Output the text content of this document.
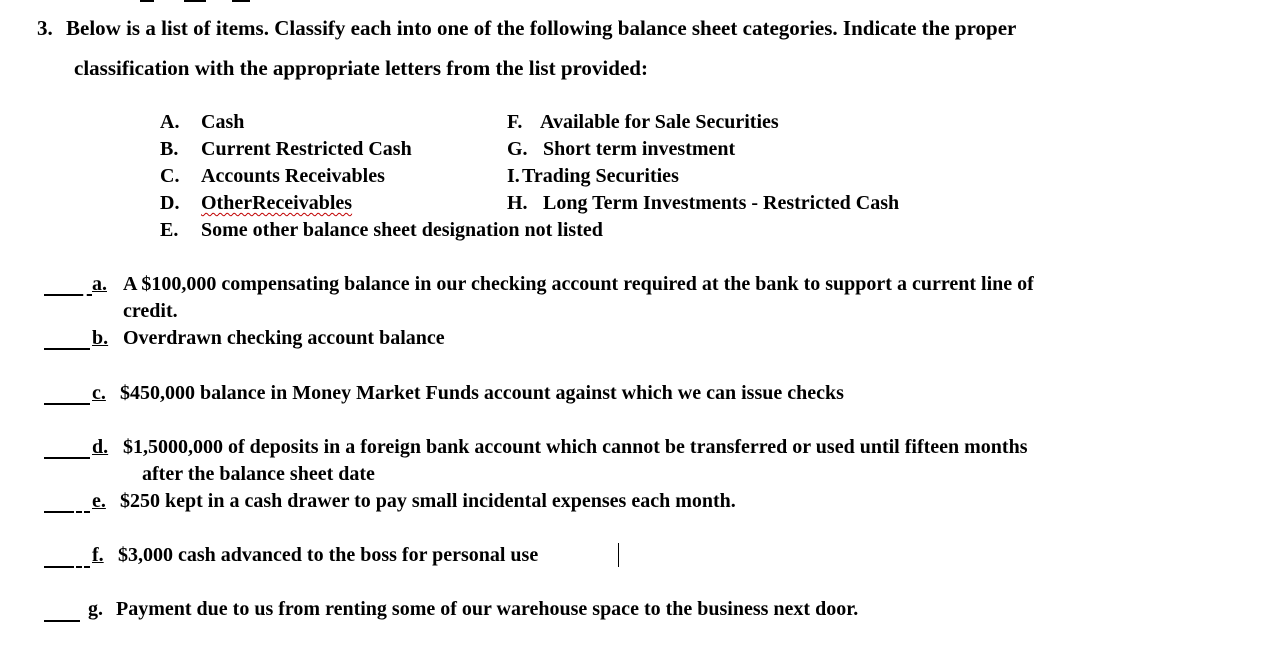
3. Below is a list of items. Classify each into one of the following balance sheet categories. Indicate the proper
classification with the appropriate letters from the list provided:
A. Cash
B. Current Restricted Cash
C. Accounts Receivables
D. OtherReceivables
E. Some other balance sheet designation not listed
F. Available for Sale Securities
G. Short term investment
I. Trading Securities
H. Long Term Investments - Restricted Cash
a. A $100,000 compensating balance in our checking account required at the bank to support a current line of
credit.
b. Overdrawn checking account balance
c. $450,000 balance in Money Market Funds account against which we can issue checks
d. $1,5000,000 of deposits in a foreign bank account which cannot be transferred or used until fifteen months
after the balance sheet date
e. $250 kept in a cash drawer to pay small incidental expenses each month.
f. $3,000 cash advanced to the boss for personal use
g. Payment due to us from renting some of our warehouse space to the business next door.
